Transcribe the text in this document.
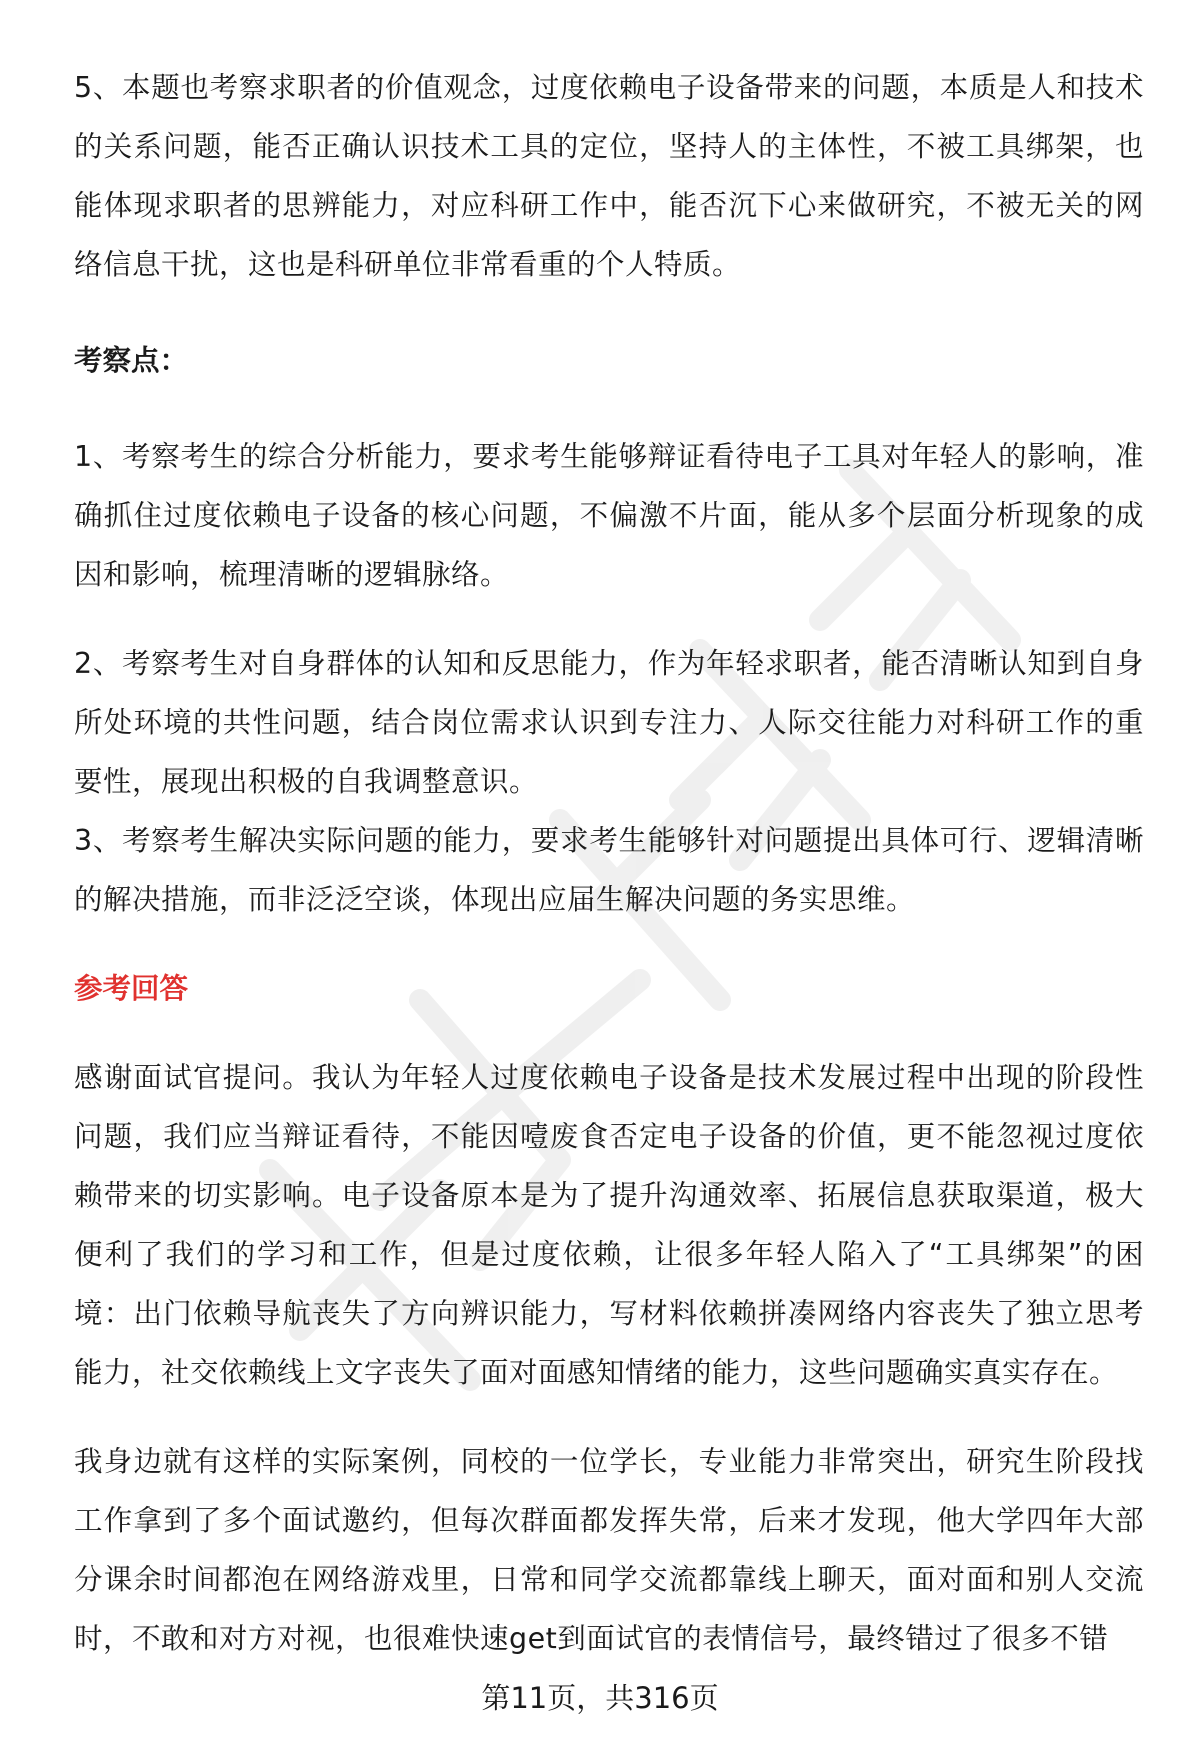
5、本题也考察求职者的价值观念，过度依赖电子设备带来的问题，本质是人和技术的关系问题，能否正确认识技术工具的定位，坚持人的主体性，不被工具绑架，也能体现求职者的思辨能力，对应科研工作中，能否沉下心来做研究，不被无关的网络信息干扰，这也是科研单位非常看重的个人特质。

考察点：

1、考察考生的综合分析能力，要求考生能够辩证看待电子工具对年轻人的影响，准确抓住过度依赖电子设备的核心问题，不偏激不片面，能从多个层面分析现象的成因和影响，梳理清晰的逻辑脉络。

2、考察考生对自身群体的认知和反思能力，作为年轻求职者，能否清晰认知到自身所处环境的共性问题，结合岗位需求认识到专注力、人际交往能力对科研工作的重要性，展现出积极的自我调整意识。

3、考察考生解决实际问题的能力，要求考生能够针对问题提出具体可行、逻辑清晰的解决措施，而非泛泛空谈，体现出应届生解决问题的务实思维。

参考回答

感谢面试官提问。我认为年轻人过度依赖电子设备是技术发展过程中出现的阶段性问题，我们应当辩证看待，不能因噎废食否定电子设备的价值，更不能忽视过度依赖带来的切实影响。电子设备原本是为了提升沟通效率、拓展信息获取渠道，极大便利了我们的学习和工作，但是过度依赖，让很多年轻人陷入了“工具绑架”的困境：出门依赖导航丧失了方向辨识能力，写材料依赖拼凑网络内容丧失了独立思考能力，社交依赖线上文字丧失了面对面感知情绪的能力，这些问题确实真实存在。

我身边就有这样的实际案例，同校的一位学长，专业能力非常突出，研究生阶段找工作拿到了多个面试邀约，但每次群面都发挥失常，后来才发现，他大学四年大部分课余时间都泡在网络游戏里，日常和同学交流都靠线上聊天，面对面和别人交流时，不敢和对方对视，也很难快速get到面试官的表情信号，最终错过了很多不错

第11页，共316页
